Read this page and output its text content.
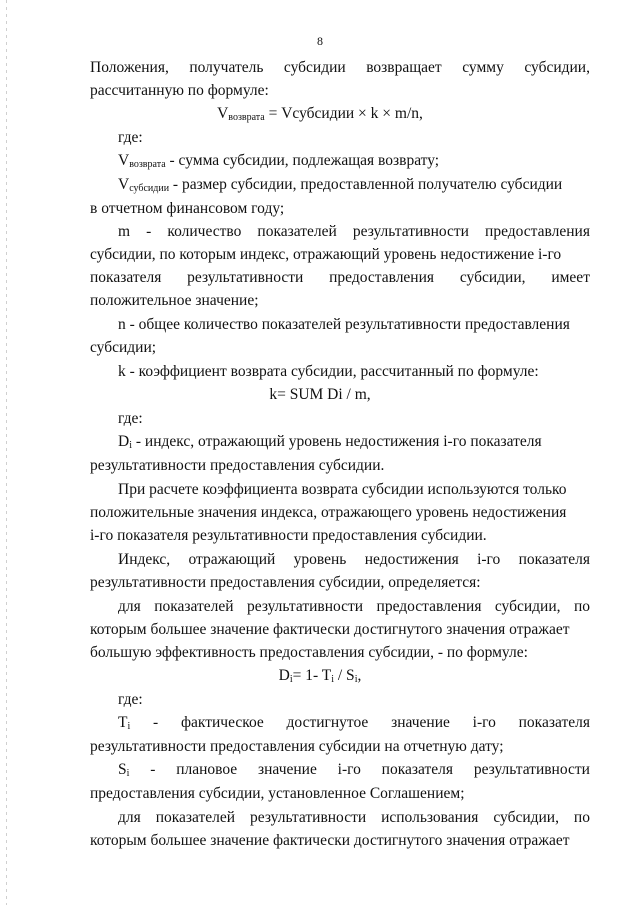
8
Положения, получатель субсидии возвращает сумму субсидии,
рассчитанную по формуле:
где:
в отчетном финансовом году;
m - количество показателей результативности предоставления
субсидии, по которым индекс, отражающий уровень недостижение i-го
показателя результативности предоставления субсидии, имеет
положительное значение;
n - общее количество показателей результативности предоставления
субсидии;
k - коэффициент возврата субсидии, рассчитанный по формуле:
k= SUM Di / m,
где:
результативности предоставления субсидии.
При расчете коэффициента возврата субсидии используются только
положительные значения индекса, отражающего уровень недостижения
i-го показателя результативности предоставления субсидии.
Индекс, отражающий уровень недостижения i-го показателя
результативности предоставления субсидии, определяется:
для показателей результативности предоставления субсидии, по
которым большее значение фактически достигнутого значения отражает
большую эффективность предоставления субсидии, - по формуле:
где:
результативности предоставления субсидии на отчетную дату;
предоставления субсидии, установленное Соглашением;
для показателей результативности использования субсидии, по
которым большее значение фактически достигнутого значения отражает
$V_{возврата}$ = Vсубсидии × k × m/n,
$V_{возврата}$ - сумма субсидии, подлежащая возврату;
$V_{субсидии}$ - размер субсидии, предоставленной получателю субсидии
$D_i$ - индекс, отражающий уровень недостижения i-го показателя
$D_i= 1-$ $T_i / S_i$,
$T_i$ - фактическое достигнутое значение i-го показателя
$S_i$ - плановое значение i-го показателя результативности
